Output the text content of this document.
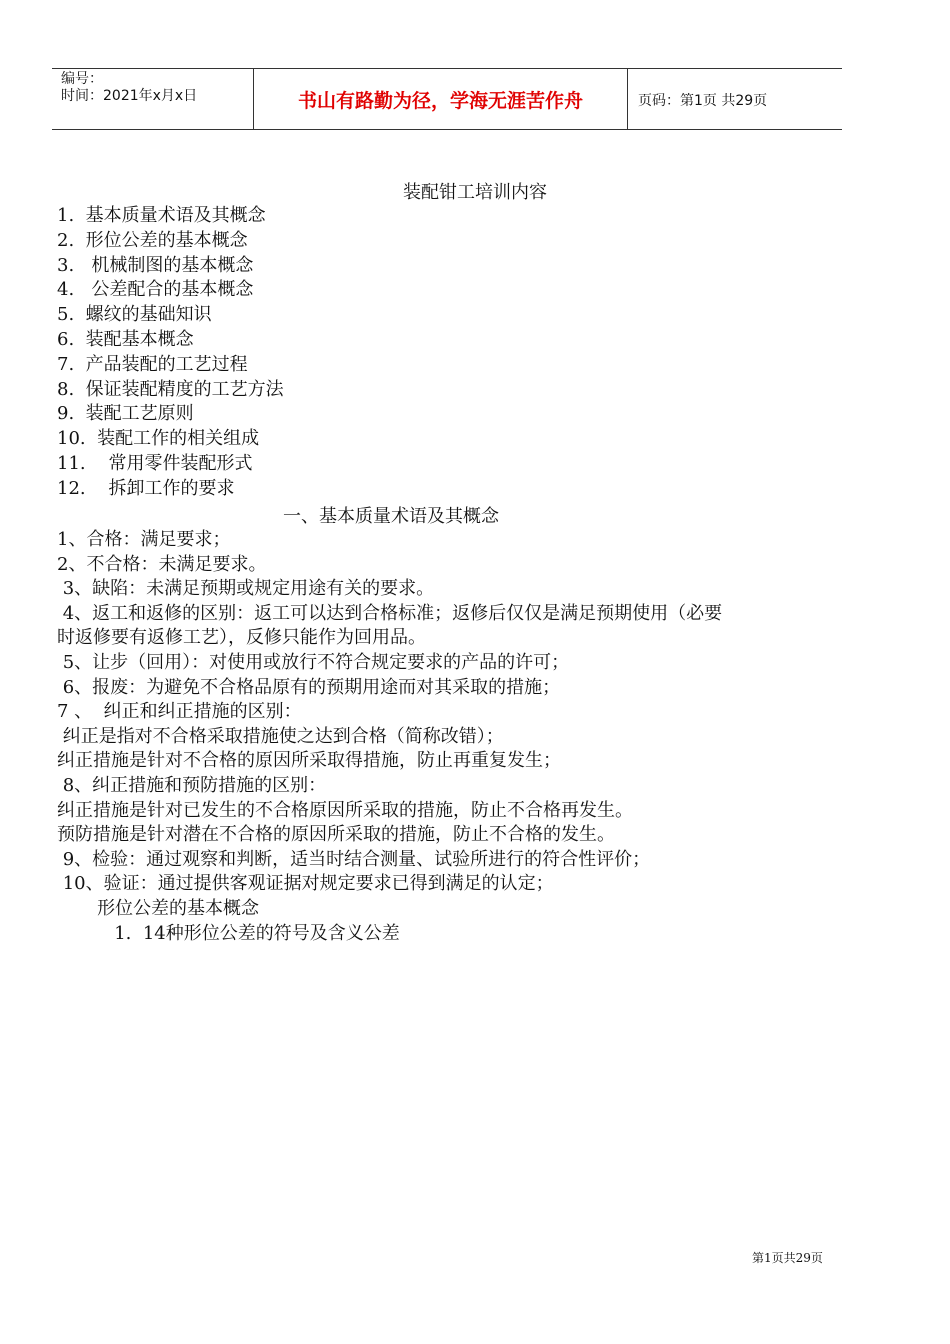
编号：
时间：2021年x月x日	书山有路勤为径，学海无涯苦作舟	页码：第1页 共29页
装配钳工培训内容
1.  基本质量术语及其概念
2.  形位公差的基本概念
3.   机械制图的基本概念
4.   公差配合的基本概念
5.  螺纹的基础知识
6.  装配基本概念
7.  产品装配的工艺过程
8.  保证装配精度的工艺方法
9.  装配工艺原则
10.  装配工作的相关组成
11.    常用零件装配形式
12.    拆卸工作的要求
一、基本质量术语及其概念

1、合格：满足要求；

2、不合格：未满足要求。

3、缺陷：未满足预期或规定用途有关的要求。

4、返工和返修的区别：返工可以达到合格标准；返修后仅仅是满足预期使用（必要

时返修要有返修工艺），反修只能作为回用品。

5、让步（回用）：对使用或放行不符合规定要求的产品的许可；

6、报废：为避免不合格品原有的预期用途而对其采取的措施；

7 、  纠正和纠正措施的区别：

纠正是指对不合格采取措施使之达到合格（简称改错）；

纠正措施是针对不合格的原因所采取得措施，防止再重复发生；

8、纠正措施和预防措施的区别：

纠正措施是针对已发生的不合格原因所采取的措施，防止不合格再发生。

预防措施是针对潜在不合格的原因所采取的措施，防止不合格的发生。

9、检验：通过观察和判断，适当时结合测量、试验所进行的符合性评价；

10、验证：通过提供客观证据对规定要求已得到满足的认定；

形位公差的基本概念

1.  14种形位公差的符号及含义公差

第1页共29页
